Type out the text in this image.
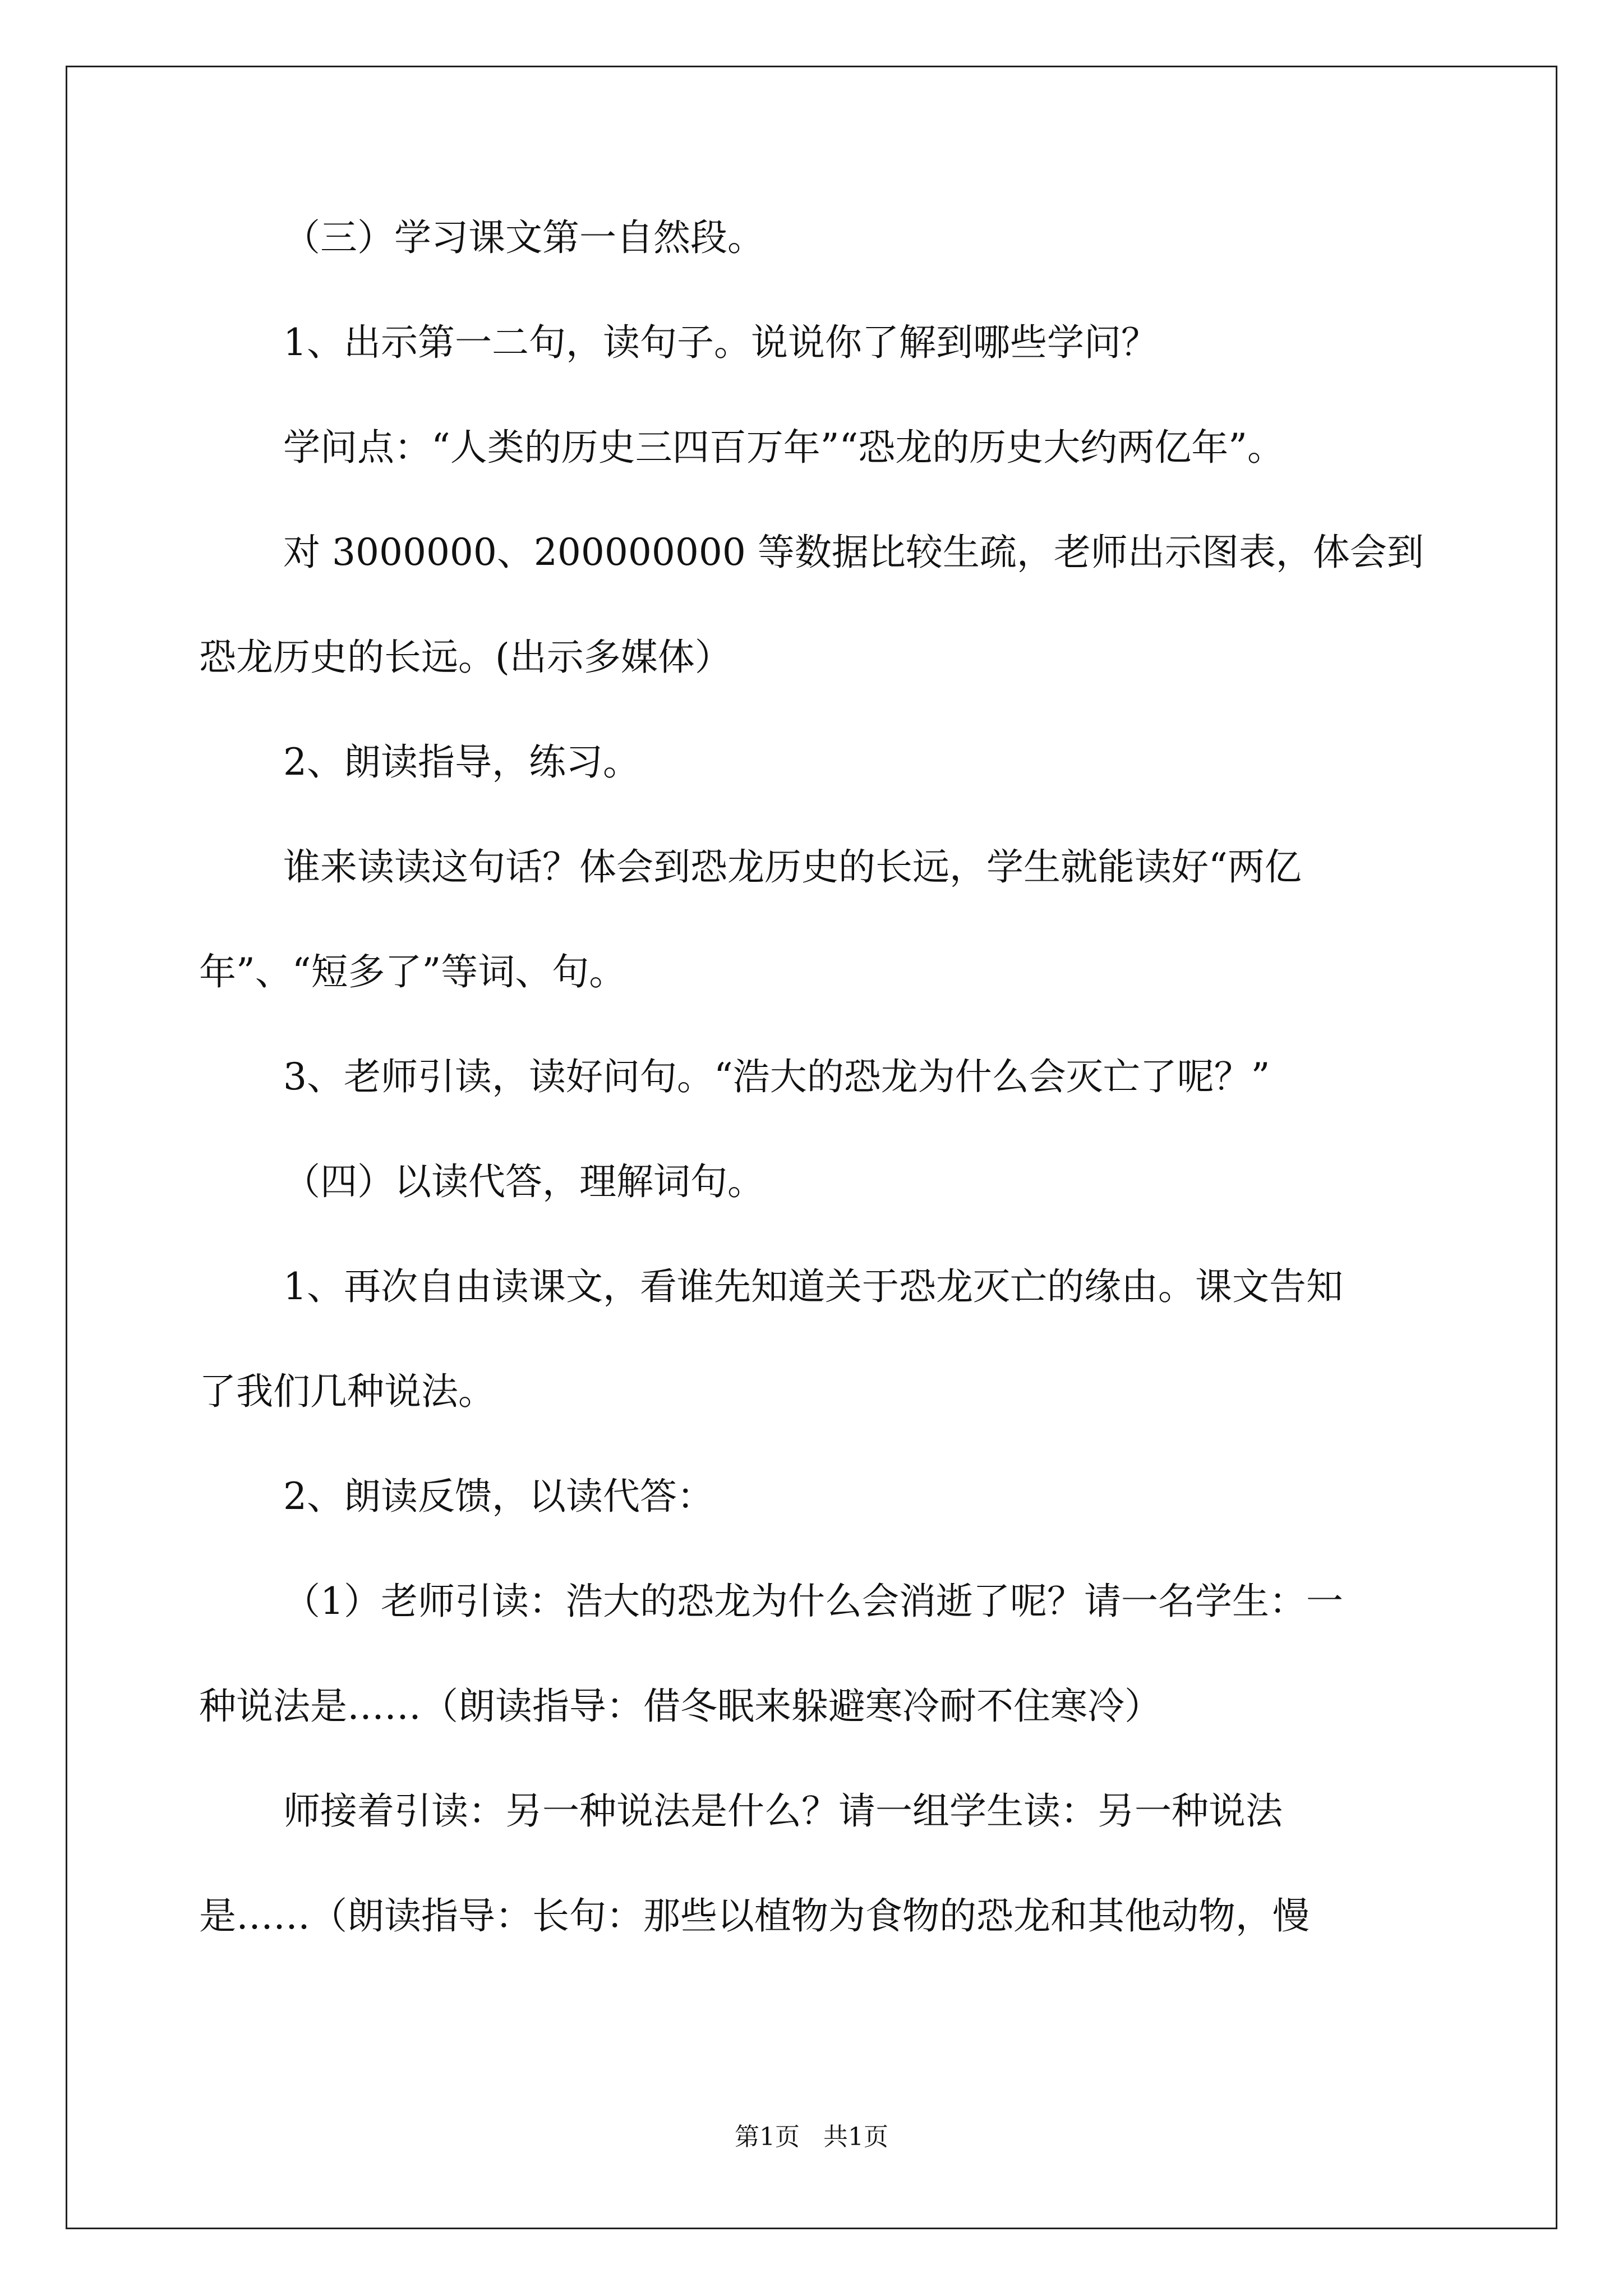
（三）学习课文第一自然段。

1、出示第一二句，读句子。说说你了解到哪些学问？

学问点：“人类的历史三四百万年”“恐龙的历史大约两亿年”。

对 3000000、200000000 等数据比较生疏，老师出示图表，体会到

恐龙历史的长远。(出示多媒体）

2、朗读指导，练习。

谁来读读这句话？体会到恐龙历史的长远，学生就能读好“两亿

年”、“短多了”等词、句。

3、老师引读，读好问句。“浩大的恐龙为什么会灭亡了呢？”

（四）以读代答，理解词句。

1、再次自由读课文，看谁先知道关于恐龙灭亡的缘由。课文告知

了我们几种说法。

2、朗读反馈，以读代答：

（1）老师引读：浩大的恐龙为什么会消逝了呢？请一名学生：一

种说法是……（朗读指导：借冬眠来躲避寒冷耐不住寒冷）

师接着引读：另一种说法是什么？请一组学生读：另一种说法

是……（朗读指导：长句：那些以植物为食物的恐龙和其他动物，慢

第1页   共1页
